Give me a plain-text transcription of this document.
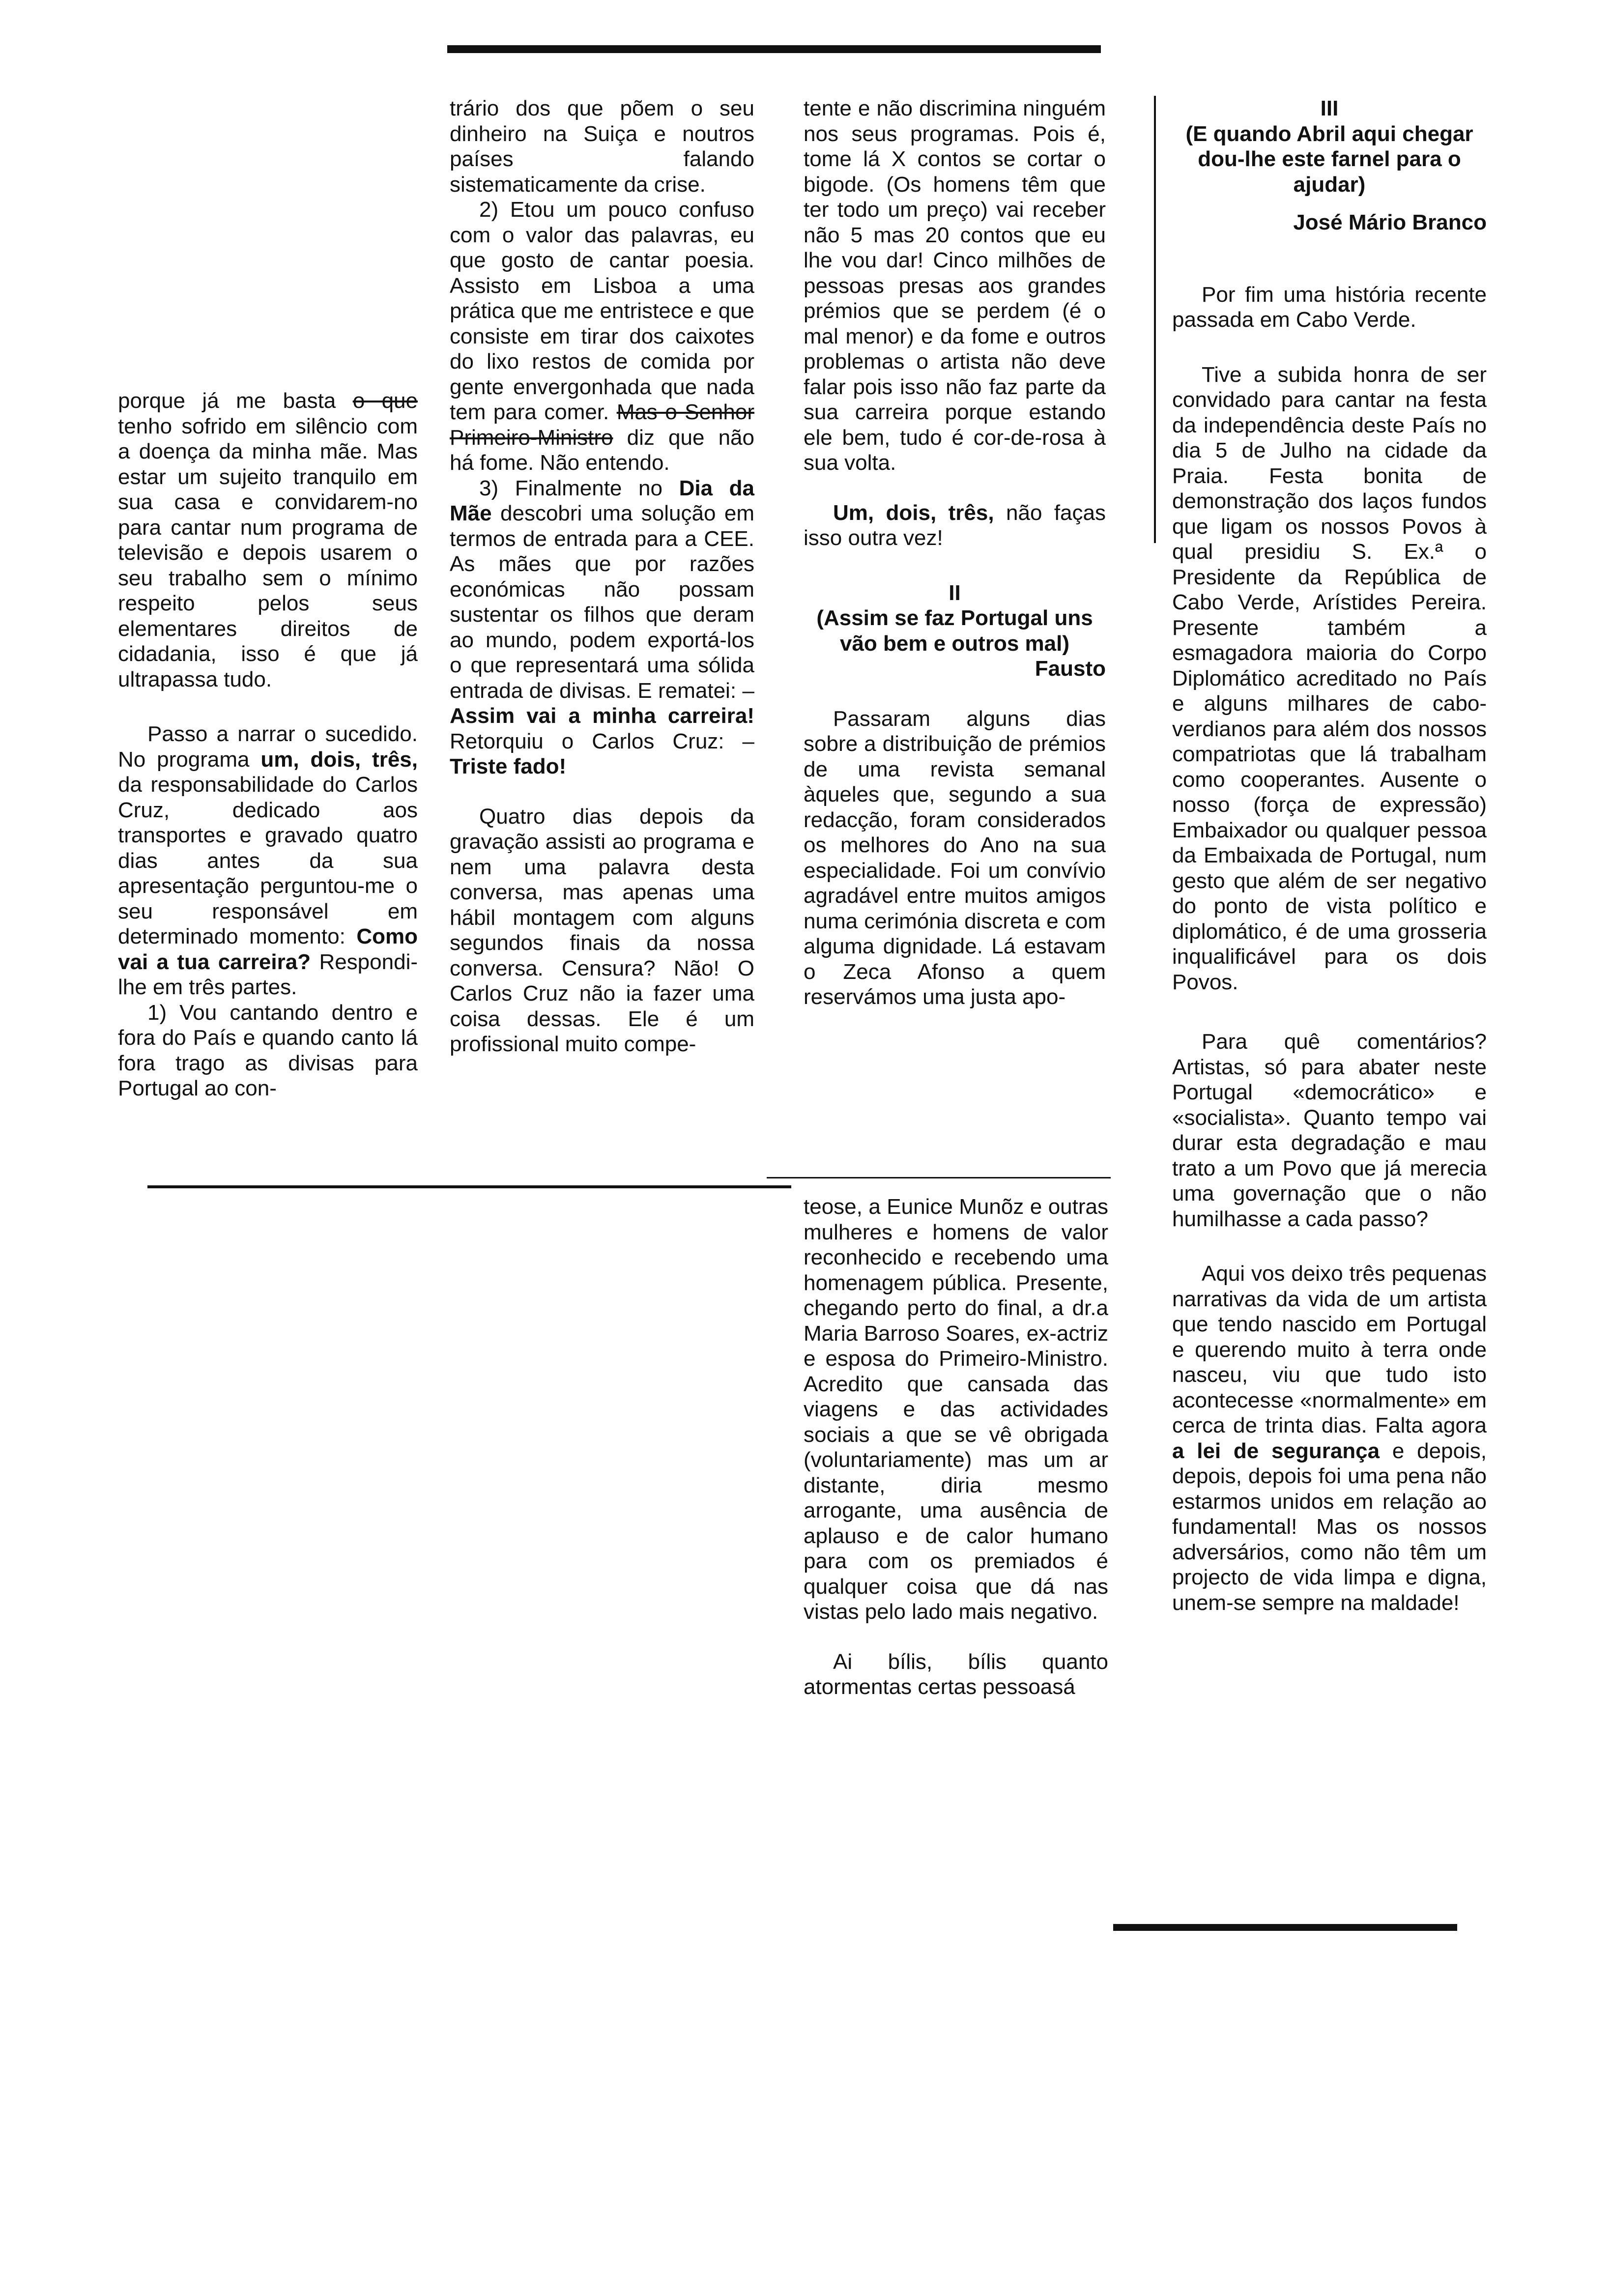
porque já me basta o que tenho sofrido em silêncio com a doença da minha mãe. Mas estar um sujeito tranquilo em sua casa e convidarem-no para cantar num programa de televisão e depois usarem o seu trabalho sem o mínimo respeito pelos seus elementares direitos de cidadania, isso é que já ultrapassa tudo.

Passo a narrar o sucedido. No programa um, dois, três, da responsabilidade do Carlos Cruz, dedicado aos transportes e gravado quatro dias antes da sua apresentação perguntou-me o seu responsável em determinado momento: Como vai a tua carreira? Respondi-lhe em três partes.

1) Vou cantando dentro e fora do País e quando canto lá fora trago as divisas para Portugal ao con-

trário dos que põem o seu dinheiro na Suiça e noutros países falando sistematicamente da crise.

2) Etou um pouco confuso com o valor das palavras, eu que gosto de cantar poesia. Assisto em Lisboa a uma prática que me entristece e que consiste em tirar dos caixotes do lixo restos de comida por gente envergonhada que nada tem para comer. Mas o Senhor Primeiro-Ministro diz que não há fome. Não entendo.

3) Finalmente no Dia da Mãe descobri uma solução em termos de entrada para a CEE. As mães que por razões económicas não possam sustentar os filhos que deram ao mundo, podem exportá-los o que representará uma sólida entrada de divisas. E rematei: – Assim vai a minha carreira! Retorquiu o Carlos Cruz: – Triste fado!

Quatro dias depois da gravação assisti ao programa e nem uma palavra desta conversa, mas apenas uma hábil montagem com alguns segundos finais da nossa conversa. Censura? Não! O Carlos Cruz não ia fazer uma coisa dessas. Ele é um profissional muito compe-

tente e não discrimina ninguém nos seus programas. Pois é, tome lá X contos se cortar o bigode. (Os homens têm que ter todo um preço) vai receber não 5 mas 20 contos que eu lhe vou dar! Cinco milhões de pessoas presas aos grandes prémios que se perdem (é o mal menor) e da fome e outros problemas o artista não deve falar pois isso não faz parte da sua carreira porque estando ele bem, tudo é cor-de-rosa à sua volta.

Um, dois, três, não faças isso outra vez!

II
(Assim se faz Portugal uns vão bem e outros mal)
Fausto

Passaram alguns dias sobre a distribuição de prémios de uma revista semanal àqueles que, segundo a sua redacção, foram considerados os melhores do Ano na sua especialidade. Foi um convívio agradável entre muitos amigos numa cerimónia discreta e com alguma dignidade. Lá estavam o Zeca Afonso a quem reservámos uma justa apo-

teose, a Eunice Munõz e outras mulheres e homens de valor reconhecido e recebendo uma homenagem pública. Presente, chegando perto do final, a dr.a Maria Barroso Soares, ex-actriz e esposa do Primeiro-Ministro. Acredito que cansada das viagens e das actividades sociais a que se vê obrigada (voluntariamente) mas um ar distante, diria mesmo arrogante, uma ausência de aplauso e de calor humano para com os premiados é qualquer coisa que dá nas vistas pelo lado mais negativo.

Ai bílis, bílis quanto atormentas certas pessoasá

III
(E quando Abril aqui chegar dou-lhe este farnel para o ajudar)
José Mário Branco

Por fim uma história recente passada em Cabo Verde.

Tive a subida honra de ser convidado para cantar na festa da independência deste País no dia 5 de Julho na cidade da Praia. Festa bonita de demonstração dos laços fundos que ligam os nossos Povos à qual presidiu S. Ex.ª o Presidente da República de Cabo Verde, Arístides Pereira. Presente também a esmagadora maioria do Corpo Diplomático acreditado no País e alguns milhares de cabo-verdianos para além dos nossos compatriotas que lá trabalham como cooperantes. Ausente o nosso (força de expressão) Embaixador ou qualquer pessoa da Embaixada de Portugal, num gesto que além de ser negativo do ponto de vista político e diplomático, é de uma grosseria inqualificável para os dois Povos.

Para quê comentários? Artistas, só para abater neste Portugal «democrático» e «socialista». Quanto tempo vai durar esta degradação e mau trato a um Povo que já merecia uma governação que o não humilhasse a cada passo?

Aqui vos deixo três pequenas narrativas da vida de um artista que tendo nascido em Portugal e querendo muito à terra onde nasceu, viu que tudo isto acontecesse «normalmente» em cerca de trinta dias. Falta agora a lei de segurança e depois, depois, depois foi uma pena não estarmos unidos em relação ao fundamental! Mas os nossos adversários, como não têm um projecto de vida limpa e digna, unem-se sempre na maldade!
